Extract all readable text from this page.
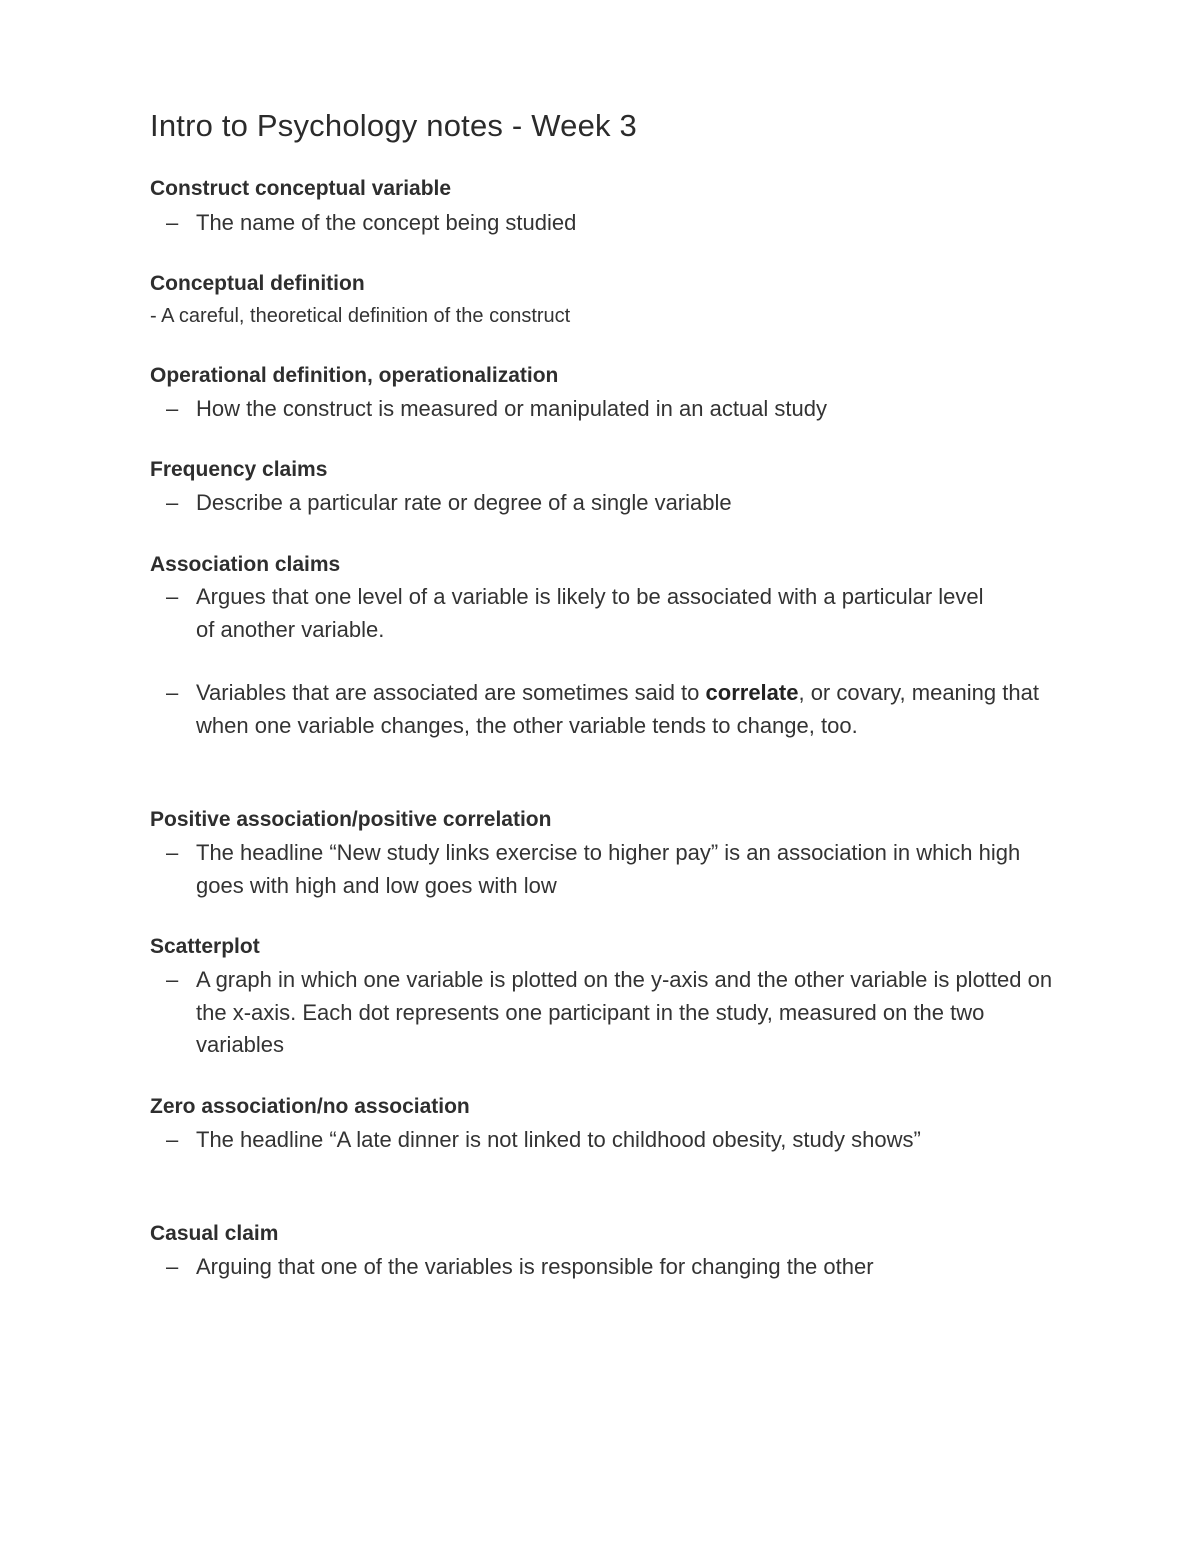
Intro to Psychology notes - Week 3
Construct conceptual variable

– The name of the concept being studied

Conceptual definition

- A careful, theoretical definition of the construct

Operational definition, operationalization

– How the construct is measured or manipulated in an actual study

Frequency claims

– Describe a particular rate or degree of a single variable

Association claims

– Argues that one level of a variable is likely to be associated with a particular level of another variable.

– Variables that are associated are sometimes said to correlate, or covary, meaning that when one variable changes, the other variable tends to change, too.

Positive association/positive correlation

– The headline “New study links exercise to higher pay” is an association in which high goes with high and low goes with low

Scatterplot

– A graph in which one variable is plotted on the y-axis and the other variable is plotted on the x-axis. Each dot represents one participant in the study, measured on the two variables

Zero association/no association

– The headline “A late dinner is not linked to childhood obesity, study shows”

Casual claim

– Arguing that one of the variables is responsible for changing the other
